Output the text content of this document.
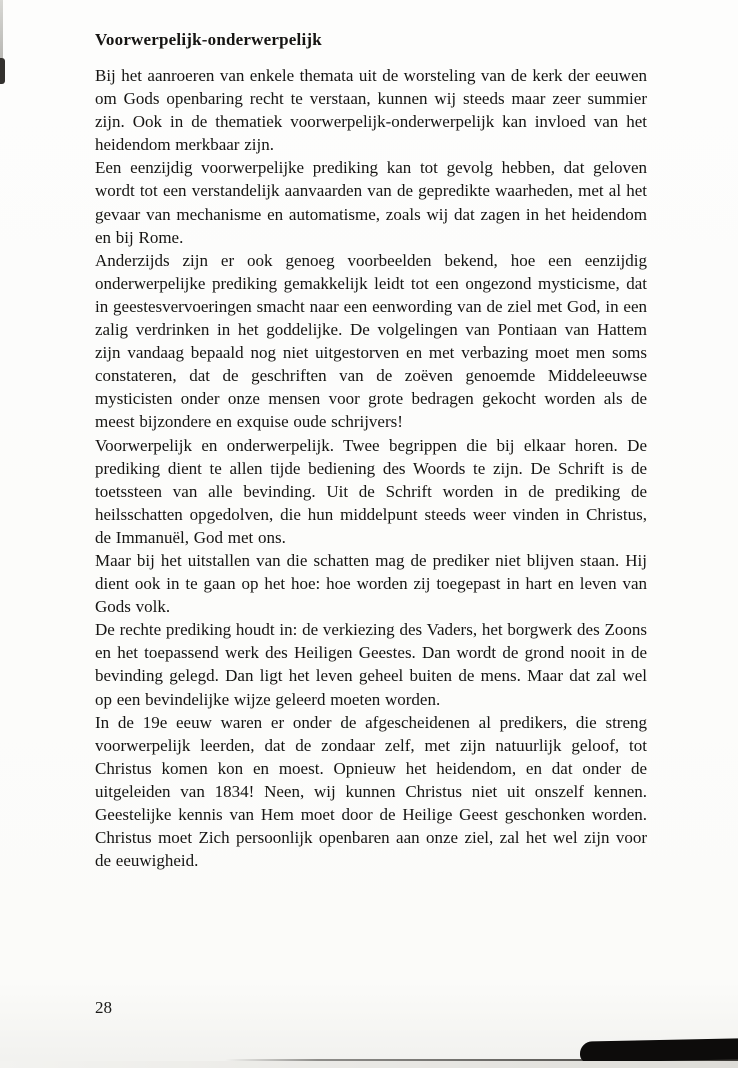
Voorwerpelijk-onderwerpelijk

Bij het aanroeren van enkele themata uit de worsteling van de kerk der eeuwen om Gods openbaring recht te verstaan, kunnen wij steeds maar zeer summier zijn. Ook in de thematiek voorwerpelijk-onderwerpelijk kan invloed van het heidendom merkbaar zijn.

Een eenzijdig voorwerpelijke prediking kan tot gevolg hebben, dat geloven wordt tot een verstandelijk aanvaarden van de gepredikte waarheden, met al het gevaar van mechanisme en automatisme, zoals wij dat zagen in het heidendom en bij Rome.

Anderzijds zijn er ook genoeg voorbeelden bekend, hoe een eenzijdig onderwerpelijke prediking gemakkelijk leidt tot een ongezond mysticisme, dat in geestesvervoeringen smacht naar een eenwording van de ziel met God, in een zalig verdrinken in het goddelijke. De volgelingen van Pontiaan van Hattem zijn vandaag bepaald nog niet uitgestorven en met verbazing moet men soms constateren, dat de geschriften van de zoëven genoemde Middeleeuwse mysticisten onder onze mensen voor grote bedragen gekocht worden als de meest bijzondere en exquise oude schrijvers!

Voorwerpelijk en onderwerpelijk. Twee begrippen die bij elkaar horen. De prediking dient te allen tijde bediening des Woords te zijn. De Schrift is de toetssteen van alle bevinding. Uit de Schrift worden in de prediking de heilsschatten opgedolven, die hun middelpunt steeds weer vinden in Christus, de Immanuël, God met ons.

Maar bij het uitstallen van die schatten mag de prediker niet blijven staan. Hij dient ook in te gaan op het hoe: hoe worden zij toegepast in hart en leven van Gods volk.

De rechte prediking houdt in: de verkiezing des Vaders, het borgwerk des Zoons en het toepassend werk des Heiligen Geestes. Dan wordt de grond nooit in de bevinding gelegd. Dan ligt het leven geheel buiten de mens. Maar dat zal wel op een bevindelijke wijze geleerd moeten worden.

In de 19e eeuw waren er onder de afgescheidenen al predikers, die streng voorwerpelijk leerden, dat de zondaar zelf, met zijn natuurlijk geloof, tot Christus komen kon en moest. Opnieuw het heidendom, en dat onder de uitgeleiden van 1834! Neen, wij kunnen Christus niet uit onszelf kennen. Geestelijke kennis van Hem moet door de Heilige Geest geschonken worden. Christus moet Zich persoonlijk openbaren aan onze ziel, zal het wel zijn voor de eeuwigheid.

28
